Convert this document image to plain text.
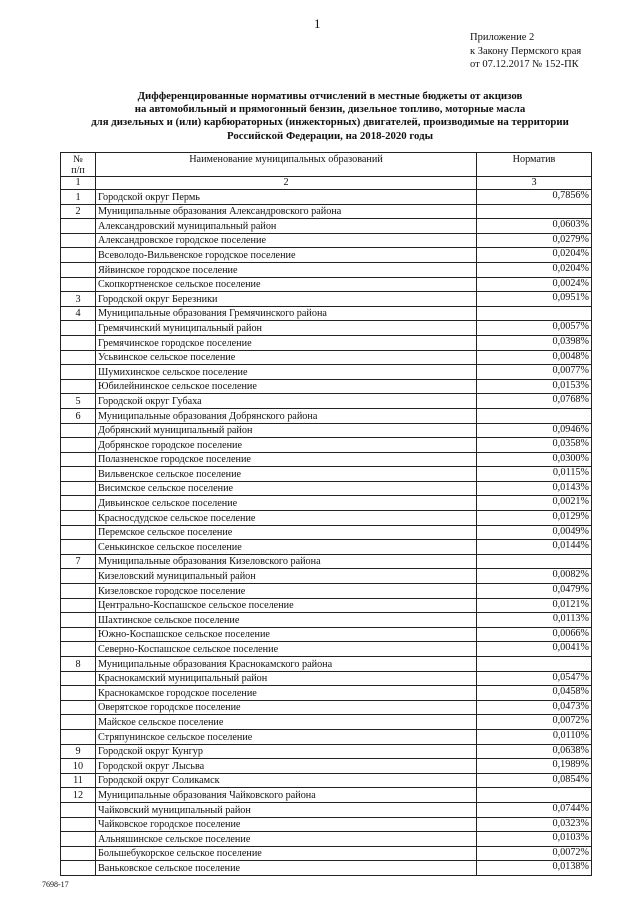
1
Приложение 2
к Закону Пермского края
от 07.12.2017 № 152-ПК
Дифференцированные нормативы отчислений в местные бюджеты от акцизов
на автомобильный и прямогонный бензин, дизельное топливо, моторные масла
для дизельных и (или) карбюраторных (инжекторных) двигателей, производимые на территории
Российской Федерации, на 2018-2020 годы
№
п/п	Наименование муниципальных образований	Норматив
1	2	3
1	Городской округ Пермь	0,7856%
2	Муниципальные образования Александровского района	
	Александровский муниципальный район	0,0603%
	Александровское городское поселение	0,0279%
	Всеволодо-Вильвенское городское поселение	0,0204%
	Яйвинское городское поселение	0,0204%
	Скопкортненское сельское поселение	0,0024%
3	Городской округ Березники	0,0951%
4	Муниципальные образования Гремячинского района	
	Гремячинский муниципальный район	0,0057%
	Гремячинское городское поселение	0,0398%
	Усьвинское сельское поселение	0,0048%
	Шумихинское сельское поселение	0,0077%
	Юбилейнинское сельское поселение	0,0153%
5	Городской округ Губаха	0,0768%
6	Муниципальные образования Добрянского района	
	Добрянский муниципальный район	0,0946%
	Добрянское городское поселение	0,0358%
	Полазненское городское поселение	0,0300%
	Вильвенское сельское поселение	0,0115%
	Висимское сельское поселение	0,0143%
	Дивьинское сельское поселение	0,0021%
	Красносдудское сельское поселение	0,0129%
	Перемское сельское поселение	0,0049%
	Сенькинское сельское поселение	0,0144%
7	Муниципальные образования Кизеловского района	
	Кизеловский муниципальный район	0,0082%
	Кизеловское городское поселение	0,0479%
	Центрально-Коспашское сельское поселение	0,0121%
	Шахтинское сельское поселение	0,0113%
	Южно-Коспашское сельское поселение	0,0066%
	Северно-Коспашское сельское поселение	0,0041%
8	Муниципальные образования Краснокамского района	
	Краснокамский муниципальный район	0,0547%
	Краснокамское городское поселение	0,0458%
	Оверятское городское поселение	0,0473%
	Майское сельское поселение	0,0072%
	Стряпунинское сельское поселение	0,0110%
9	Городской округ Кунгур	0,0638%
10	Городской округ Лысьва	0,1989%
11	Городской округ Соликамск	0,0854%
12	Муниципальные образования Чайковского района	
	Чайковский муниципальный район	0,0744%
	Чайковское городское поселение	0,0323%
	Альняшинское сельское поселение	0,0103%
	Большебукорское сельское поселение	0,0072%
	Ваньковское сельское поселение	0,0138%
7698-17
